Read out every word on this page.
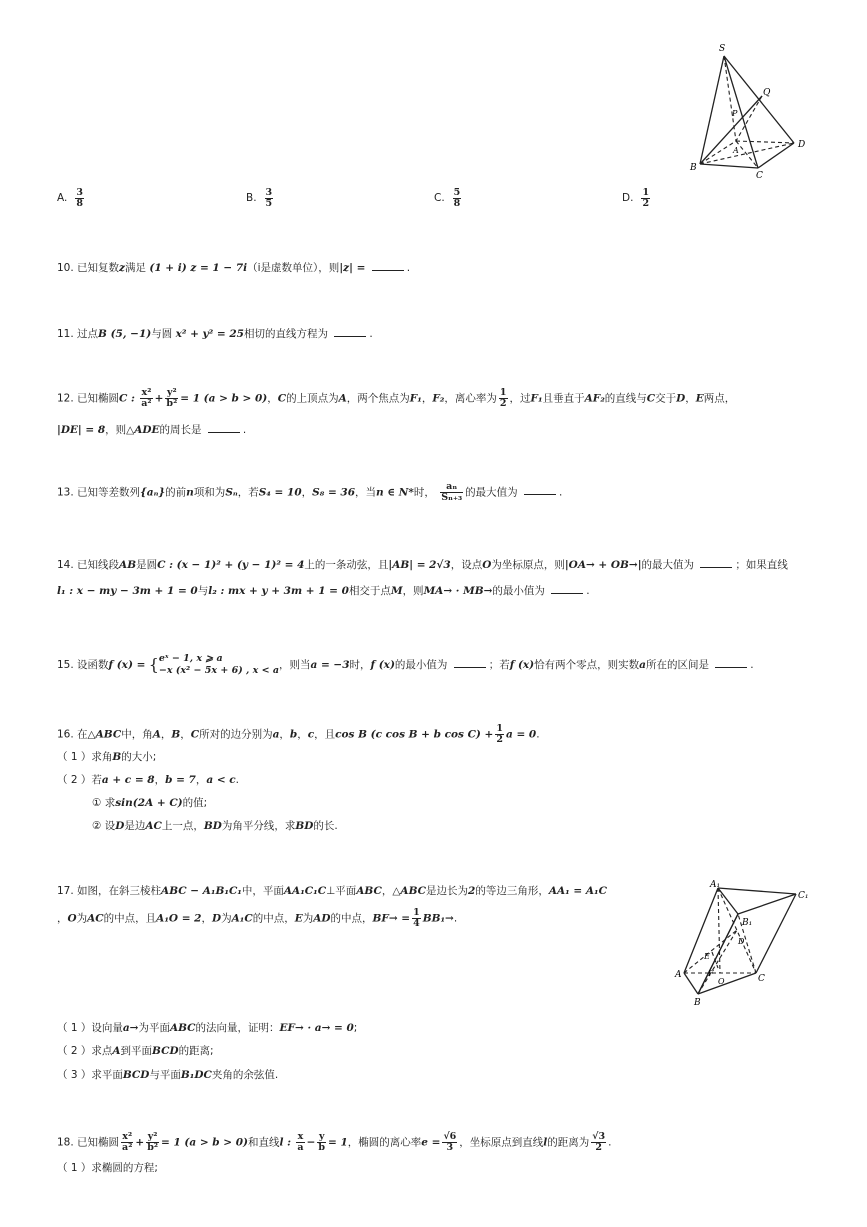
S
Q
P
A
D
B
C
A. $\frac{3}{8}$	B. $\frac{3}{5}$	C. $\frac{5}{8}$	D. $\frac{1}{2}$
10. 已知复数z满足 (1 + i) z = 1 − 7i（i是虚数单位），则|z| =	.
11. 过点B (5, −1)与圆 x² + y² = 25相切的直线方程为	.
12. 已知椭圆C : $\frac{\text{x²}}{\text{a²}} + \frac{\text{y²}}{\text{b²}} = 1$ (a > b > 0)，C的上顶点为A，两个焦点为F₁，F₂，离心率为 $\frac{1}{2}$ ，过F₁且垂直于AF₂的直线与C交于D，E两点，
|DE| = 8，则△ADE的周长是	.
13. 已知等差数列{aₙ}的前n项和为Sₙ，若S₄ = 10，S₈ = 36，当n ∈ N*时， $\frac{\text{aₙ}}{\text{Sₙ₊₃}}$ 的最大值为	.
14. 已知线段AB是圆C : (x − 1)² + (y − 1)² = 4上的一条动弦，且|AB| = 2√3，设点O为坐标原点，则|OA→ + OB→|的最大值为	；如果直线
l₁ : x − my − 3m + 1 = 0与l₂ : mx + y + 3m + 1 = 0相交于点M，则MA→ · MB→的最小值为	.
15. 设函数f (x) = { eˣ − 1, x ⩾ a
−x (x² − 5x + 6) , x < a ，则当a = −3时，f (x)的最小值为	；若f (x)恰有两个零点，则实数a所在的区间是	.
16. 在△ABC中，角A，B，C所对的边分别为a，b，c，且cos B (c cos B + b $\cos C) + \frac{1}{2}$ a = 0.
（ 1 ）求角B的大小;
（ 2 ）若a + c = 8，b = 7，a < c.
① 求sin(2A + C)的值;
② 设D是边AC上一点，BD为角平分线，求BD的长.
17. 如图，在斜三棱柱ABC − A₁B₁C₁中，平面AA₁C₁C⊥平面ABC，△ABC是边长为2的等边三角形，AA₁ = A₁C
，O为AC的中点，且A₁O = 2，D为A₁C的中点，E为AD的中点，$BF\to = \frac{1}{4} BB_1\to$.
A₁
C₁
B₁
D
E
F
A
O	C
B
（ 1 ）设向量a→为平面ABC的法向量，证明：EF→ · a→ = 0;
（ 2 ）求点A到平面BCD的距离;
（ 3 ）求平面BCD与平面B₁DC夹角的余弦值.
18. 已知椭圆 $\frac{\text{x²}}{\text{a²}} + \frac{\text{y²}}{\text{b²}} = 1$ (a > b > 0)和直线l : $\frac{x}{a} - \frac{y}{b} = 1$，椭圆的离心率$e = \frac{√6}{3}$ ，坐标原点到直线l的距离为 $\frac{√3}{2}$ .
（ 1 ）求椭圆的方程;
